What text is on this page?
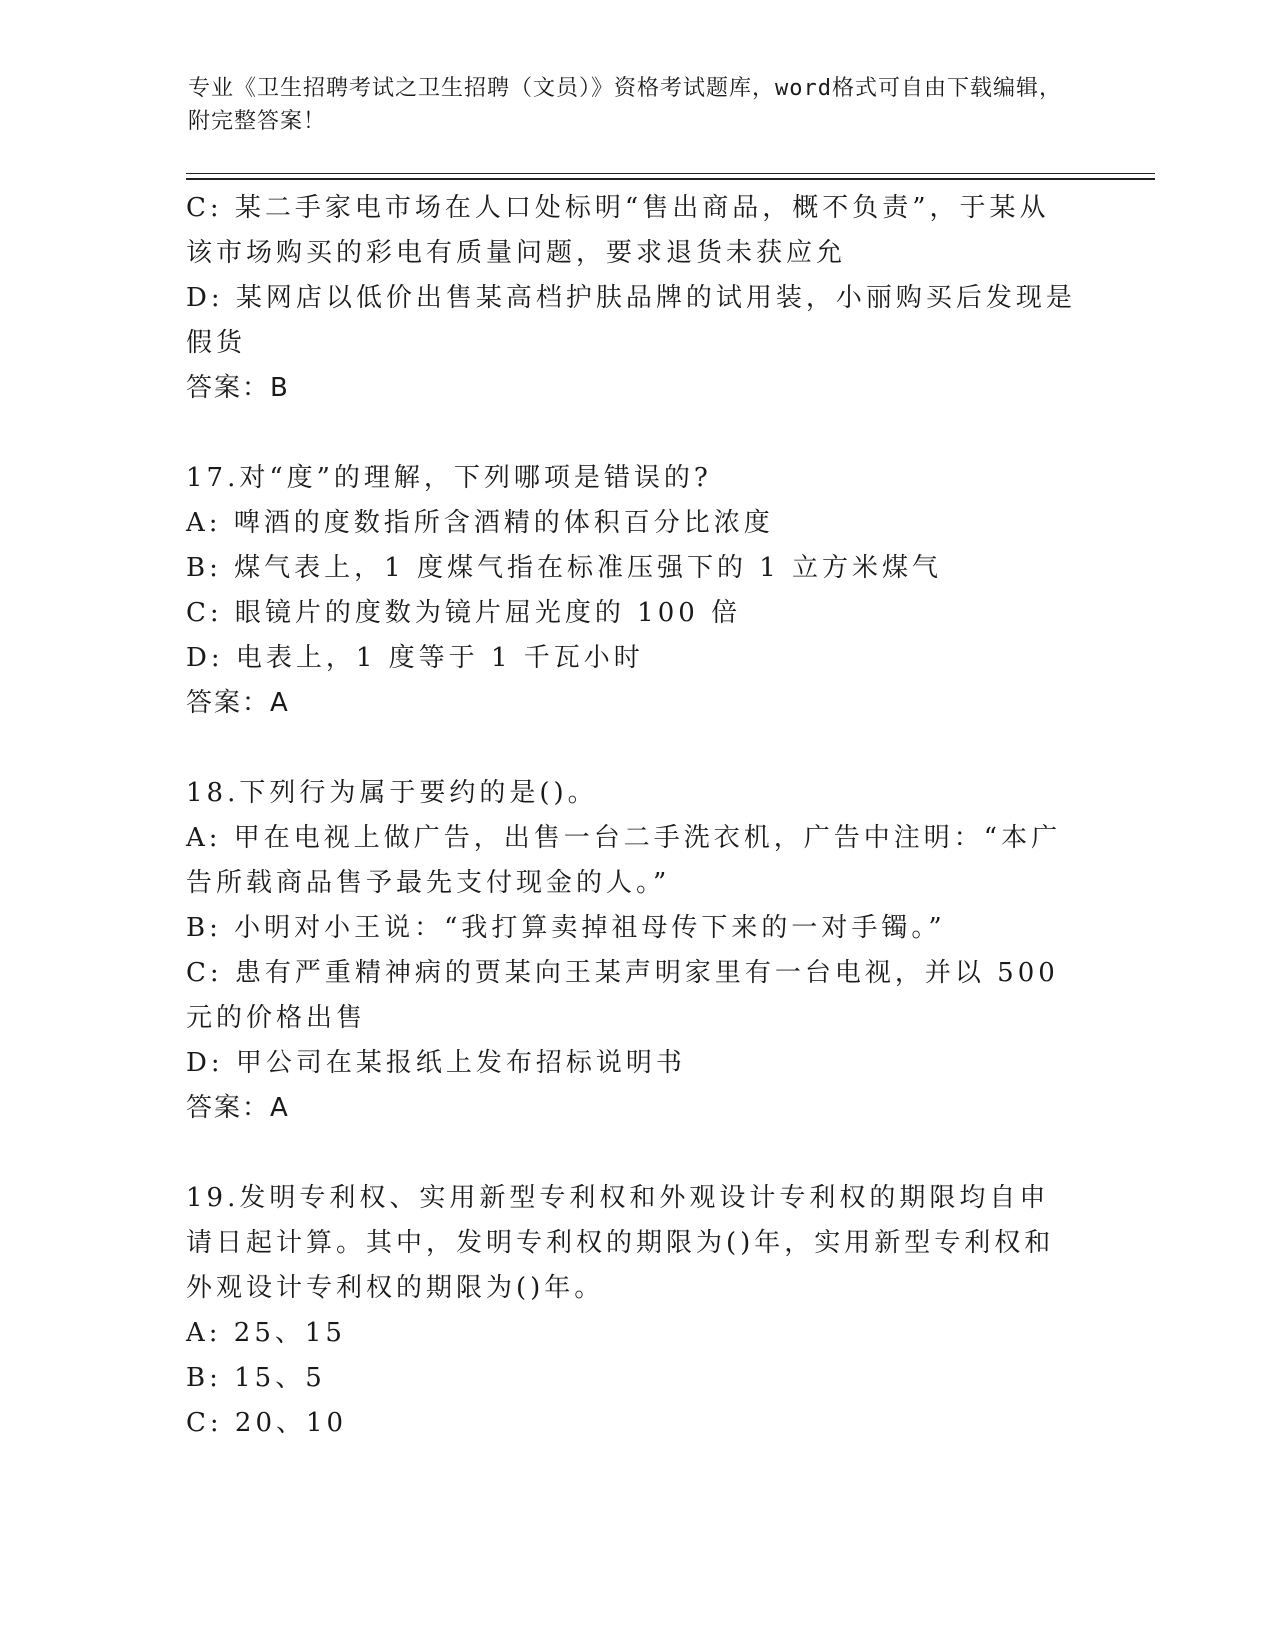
专业《卫生招聘考试之卫生招聘（文员）》资格考试题库，word格式可自由下载编辑，附完整答案！

C: 某二手家电市场在人口处标明“售出商品，概不负责”，于某从该市场购买的彩电有质量问题，要求退货未获应允

D: 某网店以低价出售某高档护肤品牌的试用装，小丽购买后发现是假货

答案：B

17.对“度”的理解，下列哪项是错误的?

A: 啤酒的度数指所含酒精的体积百分比浓度

B: 煤气表上，1 度煤气指在标准压强下的 1 立方米煤气

C: 眼镜片的度数为镜片屈光度的 100 倍

D: 电表上，1 度等于 1 千瓦小时

答案：A

18.下列行为属于要约的是()。

A: 甲在电视上做广告，出售一台二手洗衣机，广告中注明：“本广告所载商品售予最先支付现金的人。”

B: 小明对小王说：“我打算卖掉祖母传下来的一对手镯。”

C: 患有严重精神病的贾某向王某声明家里有一台电视，并以 500 元的价格出售

D: 甲公司在某报纸上发布招标说明书

答案：A

19.发明专利权、实用新型专利权和外观设计专利权的期限均自申请日起计算。其中，发明专利权的期限为()年，实用新型专利权和外观设计专利权的期限为()年。

A: 25、15

B: 15、5

C: 20、10
